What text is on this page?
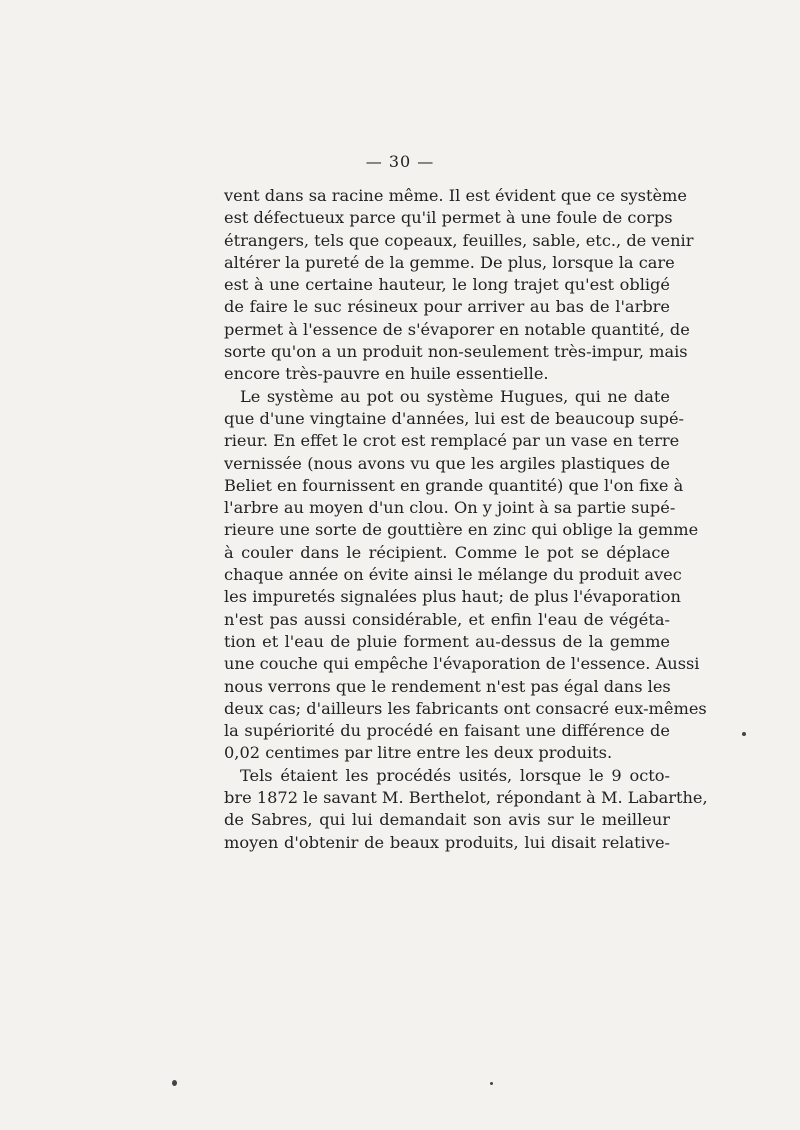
— 30 —
vent dans sa racine même. Il est évident que ce système
est défectueux parce qu'il permet à une foule de corps
étrangers, tels que copeaux, feuilles, sable, etc., de venir
altérer la pureté de la gemme. De plus, lorsque la care
est à une certaine hauteur, le long trajet qu'est obligé
de faire le suc résineux pour arriver au bas de l'arbre
permet à l'essence de s'évaporer en notable quantité, de
sorte qu'on a un produit non-seulement très-impur, mais
encore très-pauvre en huile essentielle.
Le système au pot ou système Hugues, qui ne date
que d'une vingtaine d'années, lui est de beaucoup supé-
rieur. En effet le crot est remplacé par un vase en terre
vernissée (nous avons vu que les argiles plastiques de
Beliet en fournissent en grande quantité) que l'on fixe à
l'arbre au moyen d'un clou. On y joint à sa partie supé-
rieure une sorte de gouttière en zinc qui oblige la gemme
à couler dans le récipient. Comme le pot se déplace
chaque année on évite ainsi le mélange du produit avec
les impuretés signalées plus haut; de plus l'évaporation
n'est pas aussi considérable, et enfin l'eau de végéta-
tion et l'eau de pluie forment au-dessus de la gemme
une couche qui empêche l'évaporation de l'essence. Aussi
nous verrons que le rendement n'est pas égal dans les
deux cas; d'ailleurs les fabricants ont consacré eux-mêmes
la supériorité du procédé en faisant une différence de
0,02 centimes par litre entre les deux produits.
Tels étaient les procédés usités, lorsque le 9 octo-
bre 1872 le savant M. Berthelot, répondant à M. Labarthe,
de Sabres, qui lui demandait son avis sur le meilleur
moyen d'obtenir de beaux produits, lui disait relative-
